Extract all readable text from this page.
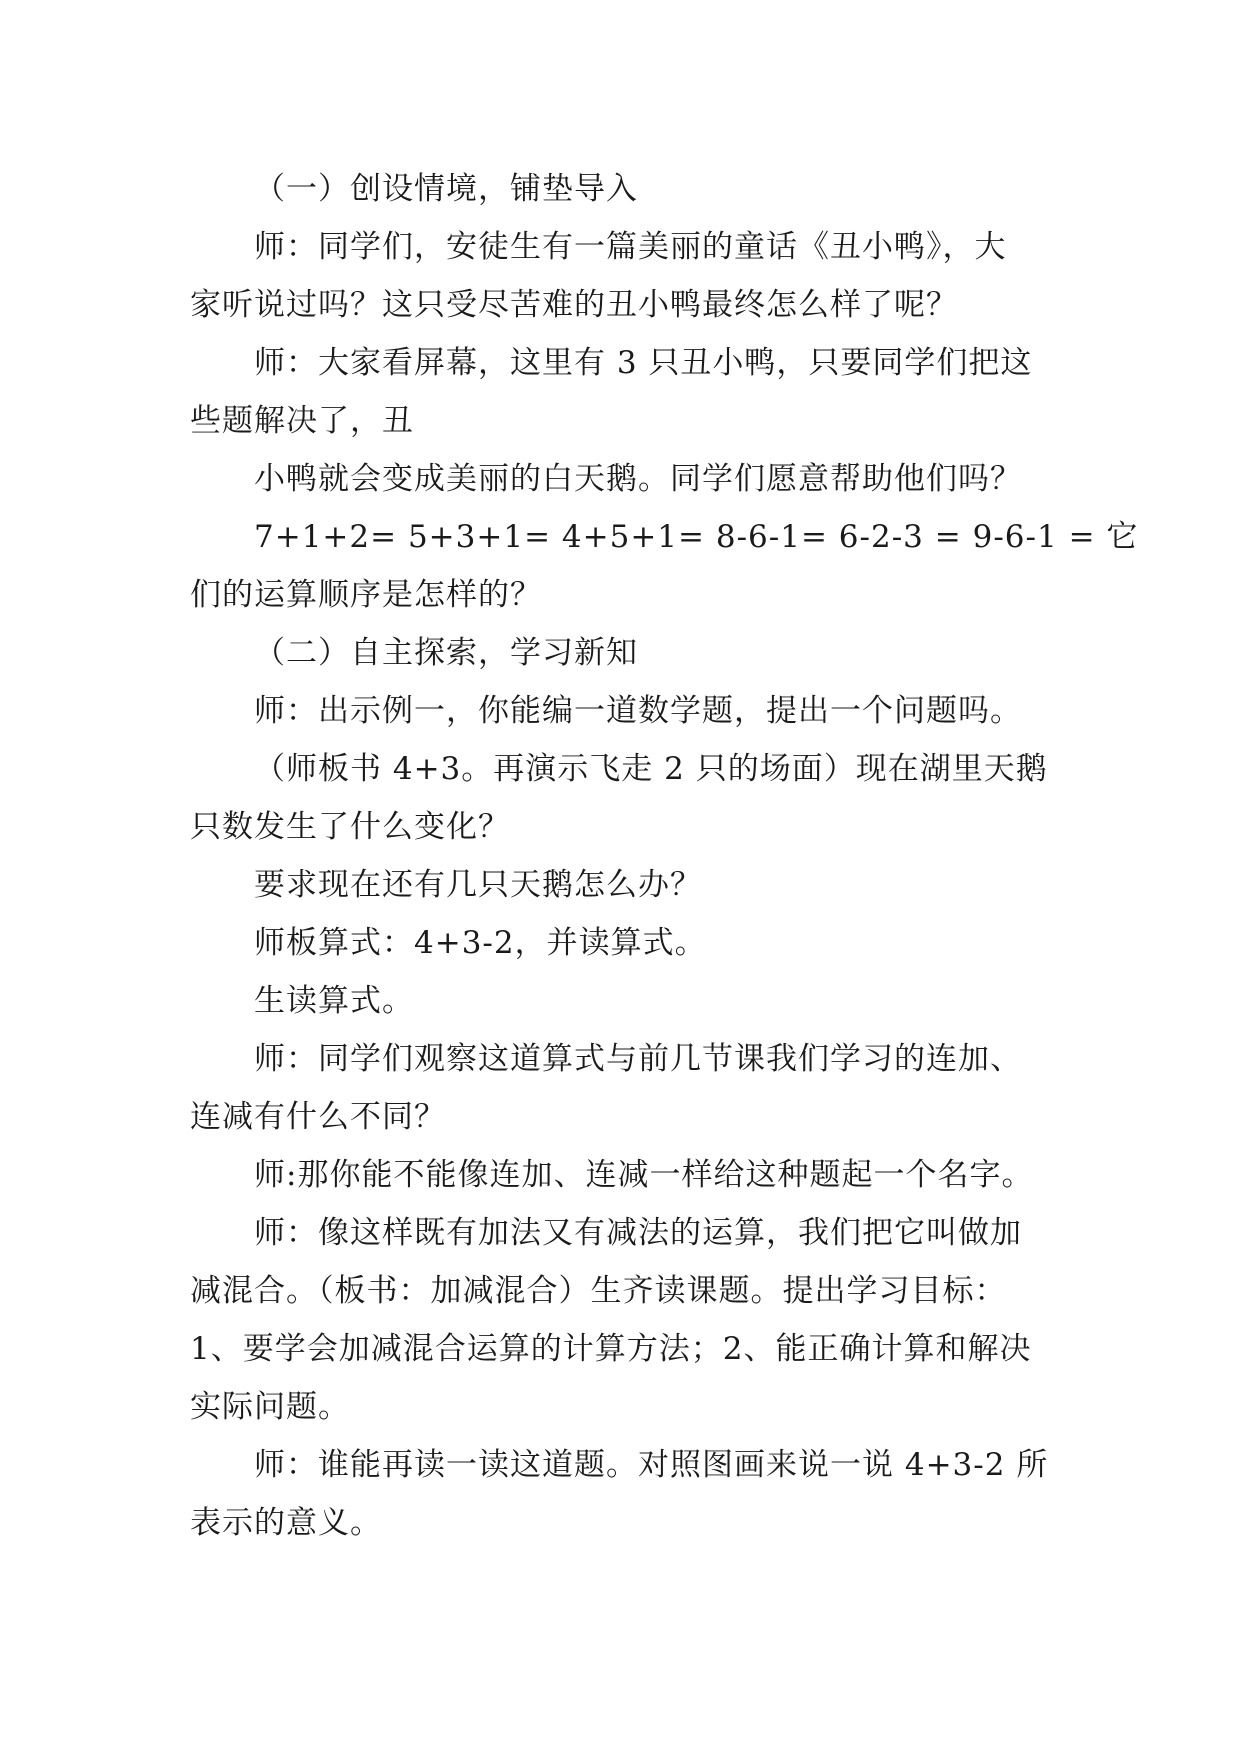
（一）创设情境，铺垫导入
师：同学们，安徒生有一篇美丽的童话《丑小鸭》，大
家听说过吗？这只受尽苦难的丑小鸭最终怎么样了呢？
师：大家看屏幕，这里有 3 只丑小鸭，只要同学们把这
些题解决了，丑
小鸭就会变成美丽的白天鹅。同学们愿意帮助他们吗？
7+1+2= 5+3+1= 4+5+1= 8-6-1= 6-2-3 = 9-6-1 = 它
们的运算顺序是怎样的？
（二）自主探索，学习新知
师：出示例一，你能编一道数学题，提出一个问题吗。
（师板书 4+3。再演示飞走 2 只的场面）现在湖里天鹅
只数发生了什么变化？
要求现在还有几只天鹅怎么办？
师板算式：4+3-2，并读算式。
生读算式。
师：同学们观察这道算式与前几节课我们学习的连加、
连减有什么不同？
师:那你能不能像连加、连减一样给这种题起一个名字。
师：像这样既有加法又有减法的运算，我们把它叫做加
减混合。（板书：加减混合）生齐读课题。提出学习目标：
1、要学会加减混合运算的计算方法；2、能正确计算和解决
实际问题。
师：谁能再读一读这道题。对照图画来说一说 4+3-2 所
表示的意义。
